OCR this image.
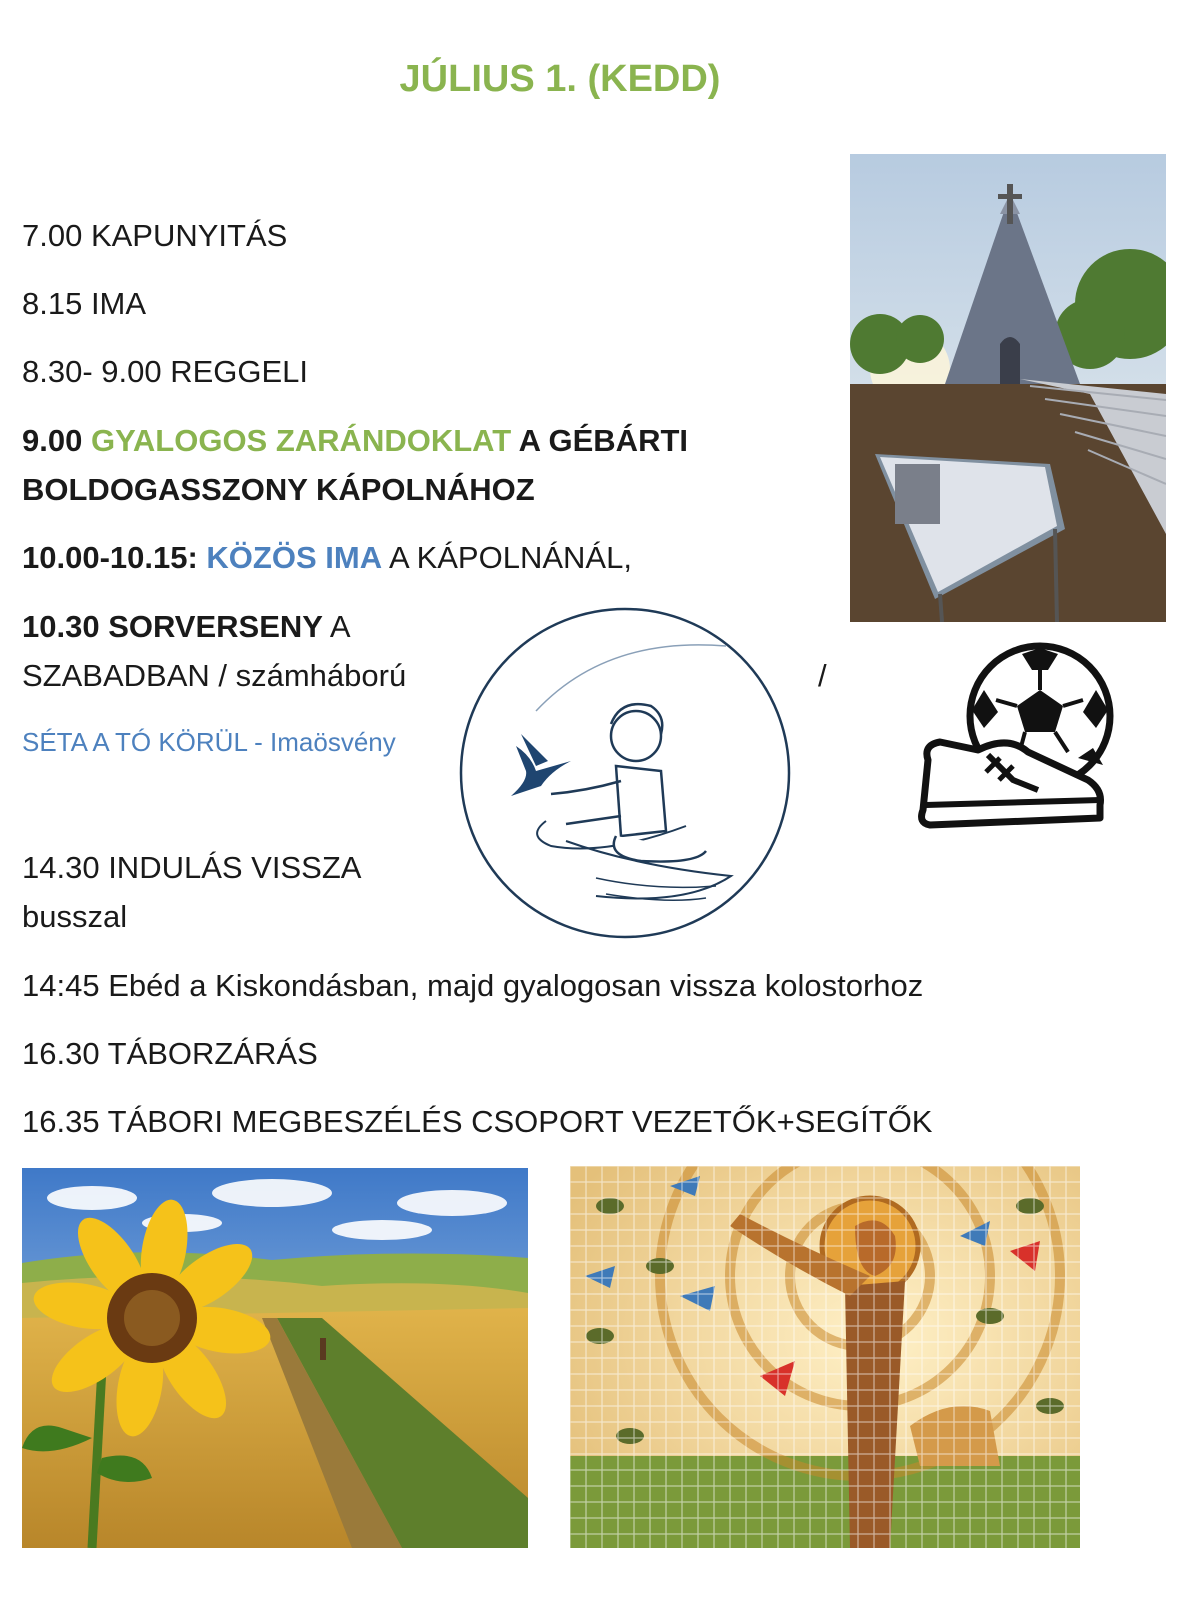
JÚLIUS 1. (KEDD)
7.00 KAPUNYITÁS
8.15 IMA
8.30- 9.00 REGGELI
9.00 GYALOGOS ZARÁNDOKLAT A GÉBÁRTI
BOLDOGASSZONY KÁPOLNÁHOZ
10.00-10.15: KÖZÖS IMA A KÁPOLNÁNÁL,
10.30 SORVERSENY A
SZABADBAN / számháború	/
SÉTA A TÓ KÖRÜL - Imaösvény
14.30 INDULÁS VISSZA
busszal
14:45 Ebéd a Kiskondásban, majd gyalogosan vissza kolostorhoz
16.30 TÁBORZÁRÁS
16.35 TÁBORI MEGBESZÉLÉS CSOPORT VEZETŐK+SEGÍTŐK
